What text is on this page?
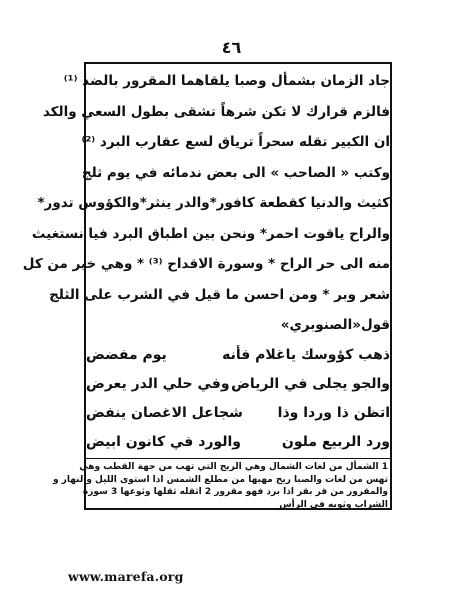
٤٦
جاد الزمان بشمأل وصبا يلقاهما المقرور بالضد ⁽¹⁾
فالزم قرارك لا تكن شرهاً تشقى بطول السعي والكد
ان الكبير تقله سحراً ترياق لسع عقارب البرد ⁽²⁾
وكتب « الصاحب » الى بعض ندمائه في يوم ثلج
كثيث والدنيا كقطعة كافور*والدر ينثر*والكؤوس تدور*
والراح ياقوت احمر* ونحن بين اطباق البرد فيا نستغيث
منه الى حر الراح * وسورة الاقداح ⁽³⁾ * وهي خير من كل
شعر وبر * ومن احسن ما قيل في الشرب على الثلج
قول«الصنوبري»
ذهب كؤوسك ياغلام فأنه
يوم مفضض
والجو يجلى في الرياض
وفي حلي الدر يعرض
اتظن ذا وردا وذا
شجاعل الاغصان ينفض
ورد الربيع ملون
والورد في كانون ابيض
1 الشمأل من لغات الشمال وهي الريح التي تهب من جهة القطب وهي
تهس من لغات والصبا ريح مهبها من مطلع الشمس اذا استوى الليل والنهار و
والمقرور من قر بقر اذا برد فهو مقرور 2 اثقله ثقلها وثوعها 3 سورة
الشراب وثوبه في الرأس
www.marefa.org
